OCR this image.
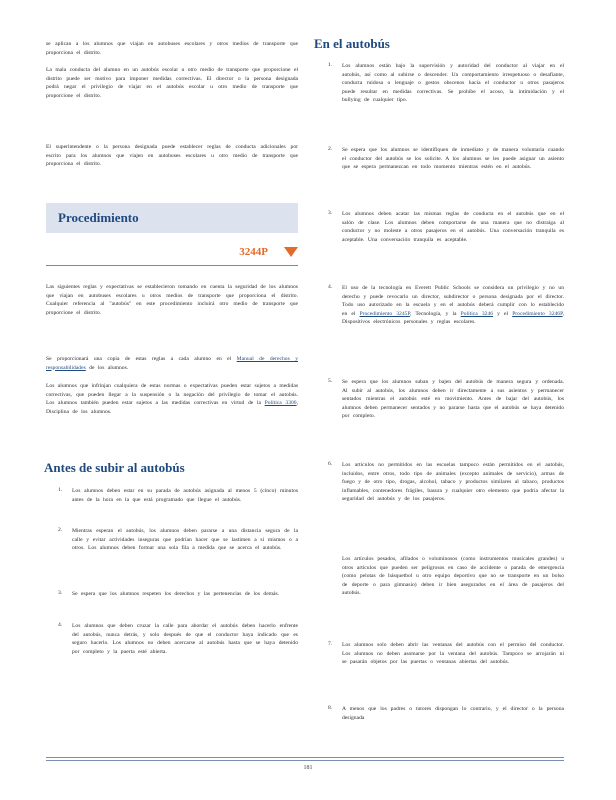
se aplican a los alumnos que viajan en autobuses escolares y otros medios de transporte que proporciona el distrito.

La mala conducta del alumno en un autobús escolar u otro medio de transporte que proporcione el distrito puede ser motivo para imponer medidas correctivas. El director o la persona designada podrá negar el privilegio de viajar en el autobús escolar u otro medio de transporte que proporcione el distrito.

El superintendente o la persona designada puede establecer reglas de conducta adicionales por escrito para los alumnos que viajen en autobuses escolares u otro medio de transporte que proporciona el distrito.

Procedimiento
3244P

Las siguientes reglas y expectativas se establecieron tomando en cuenta la seguridad de los alumnos que viajan en autobuses escolares u otros medios de transporte que proporciona el distrito. Cualquier referencia al "autobús" en este procedimiento incluirá otro medio de transporte que proporcione el distrito.

Se proporcionará una copia de estas reglas a cada alumno en el Manual de derechos y responsabilidades de los alumnos.

Los alumnos que infrinjan cualquiera de estas normas o expectativas pueden estar sujetos a medidas correctivas, que pueden llegar a la suspensión o la negación del privilegio de tomar el autobús. Los alumnos también pueden estar sujetos a las medidas correctivas en virtud de la Política 3300, Disciplina de los alumnos.

Antes de subir al autobús
1. Los alumnos deben estar en su parada de autobús asignada al menos 5 (cinco) minutos antes de la hora en la que está programado que llegue el autobús.
2. Mientras esperan el autobús, los alumnos deben pararse a una distancia segura de la calle y evitar actividades inseguras que podrían hacer que se lastimen a sí mismos o a otros. Los alumnos deben formar una sola fila a medida que se acerca el autobús.
3. Se espera que los alumnos respeten los derechos y las pertenencias de los demás.
4. Los alumnos que deben cruzar la calle para abordar el autobús deben hacerlo enfrente del autobús, nunca detrás, y solo después de que el conductor haya indicado que es seguro hacerlo. Los alumnos no deben acercarse al autobús hasta que se haya detenido por completo y la puerta esté abierta.
En el autobús
1. Los alumnos están bajo la supervisión y autoridad del conductor al viajar en el autobús, así como al subirse o descender. Un comportamiento irrespetuoso o desafiante, conducta ruidosa o lenguaje o gestos obscenos hacia el conductor u otros pasajeros puede resultar en medidas correctivas. Se prohíbe el acoso, la intimidación y el bullying de cualquier tipo.
2. Se espera que los alumnos se identifiquen de inmediato y de manera voluntaria cuando el conductor del autobús se los solicite. A los alumnos se les puede asignar un asiento que se espera permanezcan en todo momento mientras estén en el autobús.
3. Los alumnos deben acatar las mismas reglas de conducta en el autobús que en el salón de clase. Los alumnos deben comportarse de una manera que no distraiga al conductor y no moleste a otros pasajeros en el autobús. Una conversación tranquila es aceptable. Una conversación tranquila es aceptable.
4. El uso de la tecnología en Everett Public Schools se considera un privilegio y no un derecho y puede revocarlo un director, subdirector o persona designada por el director. Todo uso autorizado en la escuela y en el autobús deberá cumplir con lo establecido en el Procedimiento 3245P, Tecnología, y la Política 3246 y el Procedimiento 3246P, Dispositivos electrónicos personales y reglas escolares.
5. Se espera que los alumnos suban y bajen del autobús de manera segura y ordenada. Al subir al autobús, los alumnos deben ir directamente a sus asientos y permanecer sentados mientras el autobús esté en movimiento. Antes de bajar del autobús, los alumnos deben permanecer sentados y no pararse hasta que el autobús se haya detenido por completo.
6. Los artículos no permitidos en las escuelas tampoco están permitidos en el autobús, incluidos, entre otros, todo tipo de animales (excepto animales de servicio), armas de fuego y de otro tipo, drogas, alcohol, tabaco y productos similares al tabaco, productos inflamables, contenedores frágiles, basura y cualquier otro elemento que podría afectar la seguridad del autobús y de los pasajeros.
Los artículos pesados, afilados o voluminosos (como instrumentos musicales grandes) u otros artículos que pueden ser peligrosos en caso de accidente o parada de emergencia (como pelotas de básquetbol u otro equipo deportivo que no se transporte en un bolso de deporte o para gimnasio) deben ir bien asegurados en el área de pasajeros del autobús.
7. Los alumnos solo deben abrir las ventanas del autobús con el permiso del conductor. Los alumnos no deben asomarse por la ventana del autobús. Tampoco se arrojarán ni se pasarán objetos por las puertas o ventanas abiertas del autobús.
8. A menos que los padres o tutores dispongan lo contrario, y el director o la persona designada
181
